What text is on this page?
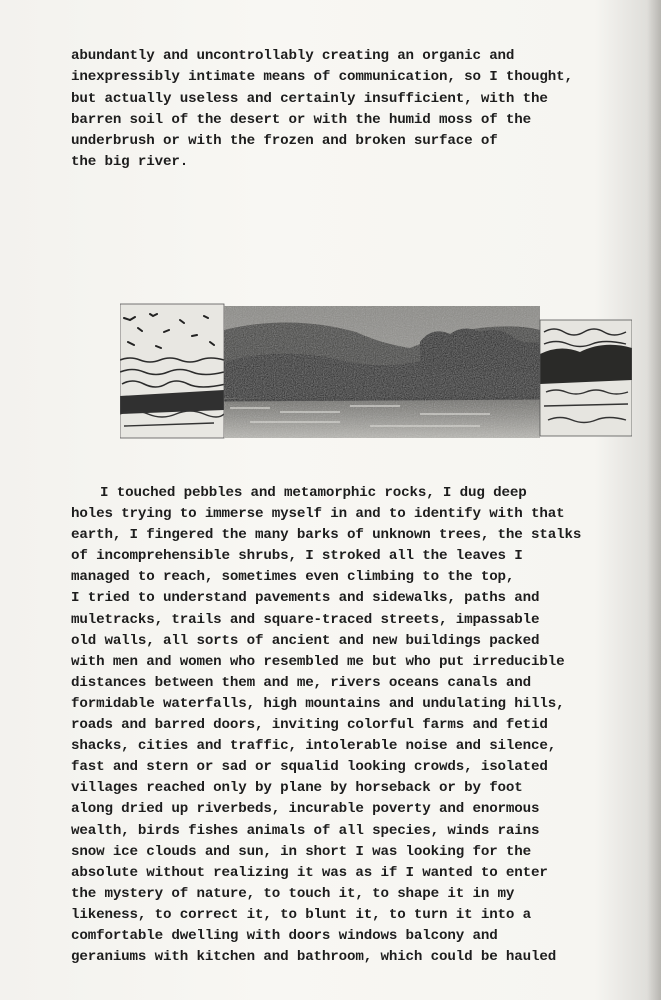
abundantly and uncontrollably creating an organic and
inexpressibly intimate means of communication, so I thought,
but actually useless and certainly insufficient, with the
barren soil of the desert or with the humid moss of the
underbrush or with the frozen and broken surface of
the big river.
I touched pebbles and metamorphic rocks, I dug deep
holes trying to immerse myself in and to identify with that
earth, I fingered the many barks of unknown trees, the stalks
of incomprehensible shrubs, I stroked all the leaves I
managed to reach, sometimes even climbing to the top,
I tried to understand pavements and sidewalks, paths and
muletracks, trails and square-traced streets, impassable
old walls, all sorts of ancient and new buildings packed
with men and women who resembled me but who put irreducible
distances between them and me, rivers oceans canals and
formidable waterfalls, high mountains and undulating hills,
roads and barred doors, inviting colorful farms and fetid
shacks, cities and traffic, intolerable noise and silence,
fast and stern or sad or squalid looking crowds, isolated
villages reached only by plane by horseback or by foot
along dried up riverbeds, incurable poverty and enormous
wealth, birds fishes animals of all species, winds rains
snow ice clouds and sun, in short I was looking for the
absolute without realizing it was as if I wanted to enter
the mystery of nature, to touch it, to shape it in my
likeness, to correct it, to blunt it, to turn it into a
comfortable dwelling with doors windows balcony and
geraniums with kitchen and bathroom, which could be hauled
